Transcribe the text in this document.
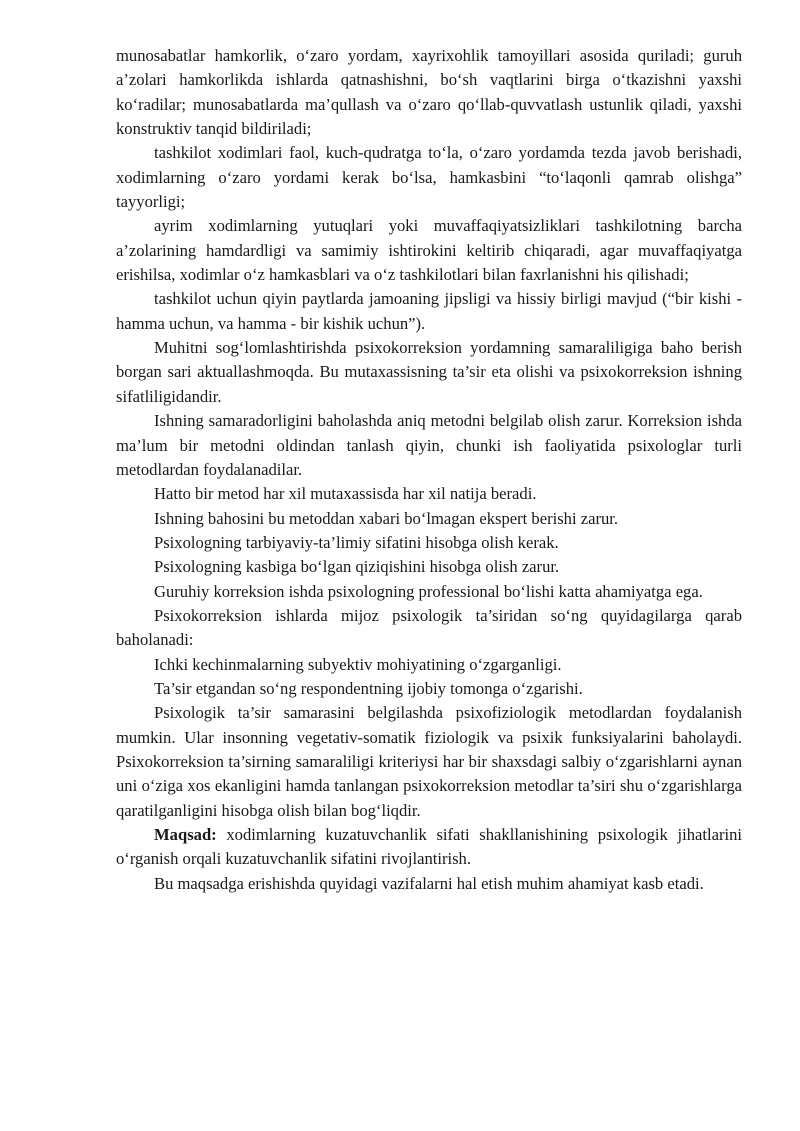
munosabatlar hamkorlik, o‘zaro yordam, xayrixohlik tamoyillari asosida quriladi; guruh a’zolari hamkorlikda ishlarda qatnashishni, bo‘sh vaqtlarini birga o‘tkazishni yaxshi ko‘radilar; munosabatlarda ma’qullash va o‘zaro qo‘llab-quvvatlash ustunlik qiladi, yaxshi konstruktiv tanqid bildiriladi;

tashkilot xodimlari faol, kuch-qudratga to‘la, o‘zaro yordamda tezda javob berishadi, xodimlarning o‘zaro yordami kerak bo‘lsa, hamkasbini “to‘laqonli qamrab olishga” tayyorligi;

ayrim xodimlarning yutuqlari yoki muvaffaqiyatsizliklari tashkilotning barcha a’zolarining hamdardligi va samimiy ishtirokini keltirib chiqaradi, agar muvaffaqiyatga erishilsa, xodimlar o‘z hamkasblari va o‘z tashkilotlari bilan faxrlanishni his qilishadi;

tashkilot uchun qiyin paytlarda jamoaning jipsligi va hissiy birligi mavjud (“bir kishi - hamma uchun, va hamma - bir kishik uchun”).

Muhitni sog‘lomlashtirishda psixokorreksion yordamning samaraliligiga baho berish borgan sari aktuallashmoqda. Bu mutaxassisning ta’sir eta olishi va psixokorreksion ishning sifatliligidandir.

Ishning samaradorligini baholashda aniq metodni belgilab olish zarur. Korreksion ishda ma’lum bir metodni oldindan tanlash qiyin, chunki ish faoliyatida psixologlar turli metodlardan foydalanadilar.

Hatto bir metod har xil mutaxassisda har xil natija beradi.

Ishning bahosini bu metoddan xabari bo‘lmagan ekspert berishi zarur.

Psixologning tarbiyaviy-ta’limiy sifatini hisobga olish kerak.

Psixologning kasbiga bo‘lgan qiziqishini hisobga olish zarur.

Guruhiy korreksion ishda psixologning professional bo‘lishi katta ahamiyatga ega.

Psixokorreksion ishlarda mijoz psixologik ta’siridan so‘ng quyidagilarga qarab baholanadi:

Ichki kechinmalarning subyektiv mohiyatining o‘zgarganligi.

Ta’sir etgandan so‘ng respondentning ijobiy tomonga o‘zgarishi.

Psixologik ta’sir samarasini belgilashda psixofiziologik metodlardan foydalanish mumkin. Ular insonning vegetativ-somatik fiziologik va psixik funksiyalarini baholaydi. Psixokorreksion ta’sirning samaraliligi kriteriysi har bir shaxsdagi salbiy o‘zgarishlarni aynan uni o‘ziga xos ekanligini hamda tanlangan psixokorreksion metodlar ta’siri shu o‘zgarishlarga qaratilganligini hisobga olish bilan bog‘liqdir.

Maqsad: xodimlarning kuzatuvchanlik sifati shakllanishining psixologik jihatlarini o‘rganish orqali kuzatuvchanlik sifatini rivojlantirish.

Bu maqsadga erishishda quyidagi vazifalarni hal etish muhim ahamiyat kasb etadi.
